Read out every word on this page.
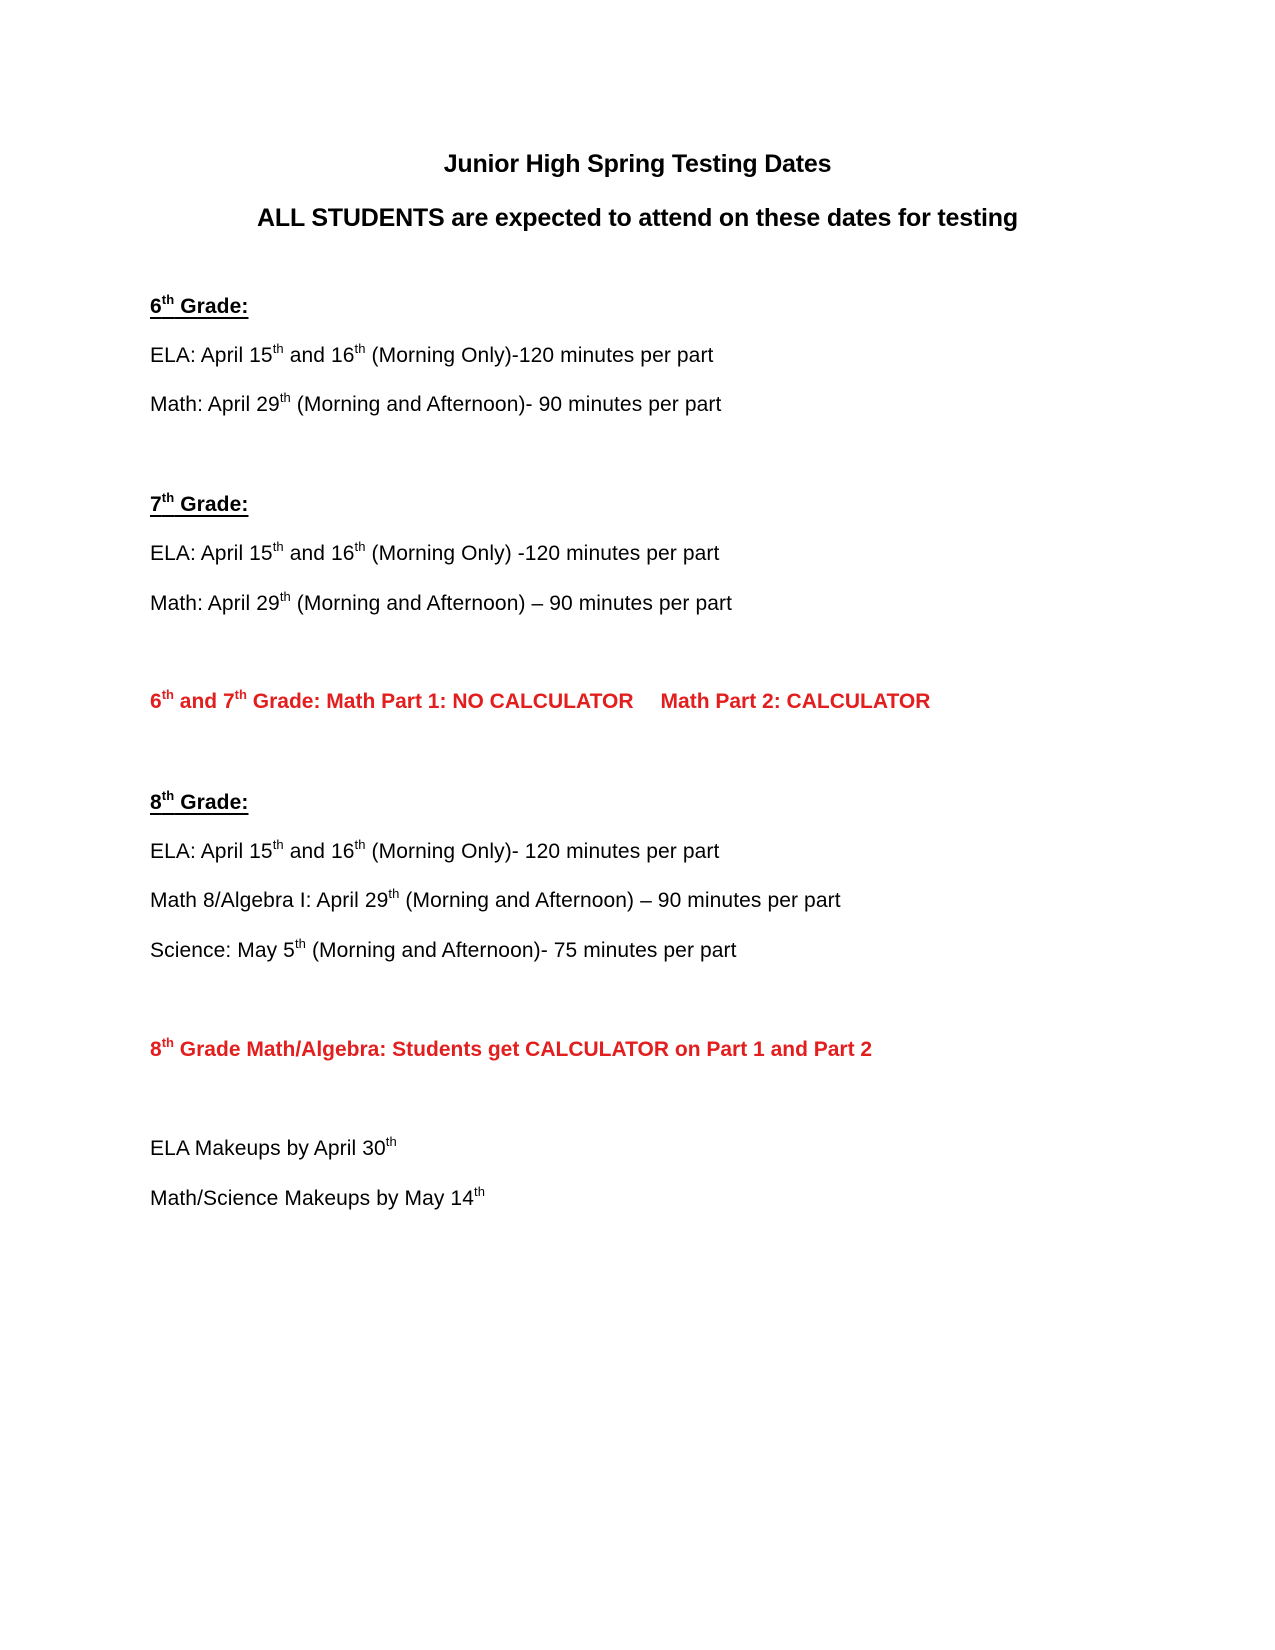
Junior High Spring Testing Dates
ALL STUDENTS are expected to attend on these dates for testing
6th Grade:
ELA: April 15th and 16th (Morning Only)-120 minutes per part
Math: April 29th (Morning and Afternoon)- 90 minutes per part
7th Grade:
ELA: April 15th and 16th (Morning Only) -120 minutes per part
Math: April 29th (Morning and Afternoon) – 90 minutes per part
6th and 7th Grade: Math Part 1: NO CALCULATOR Math Part 2: CALCULATOR
8th Grade:
ELA: April 15th and 16th (Morning Only)- 120 minutes per part
Math 8/Algebra I: April 29th (Morning and Afternoon) – 90 minutes per part
Science: May 5th (Morning and Afternoon)- 75 minutes per part
8th Grade Math/Algebra: Students get CALCULATOR on Part 1 and Part 2
ELA Makeups by April 30th
Math/Science Makeups by May 14th
